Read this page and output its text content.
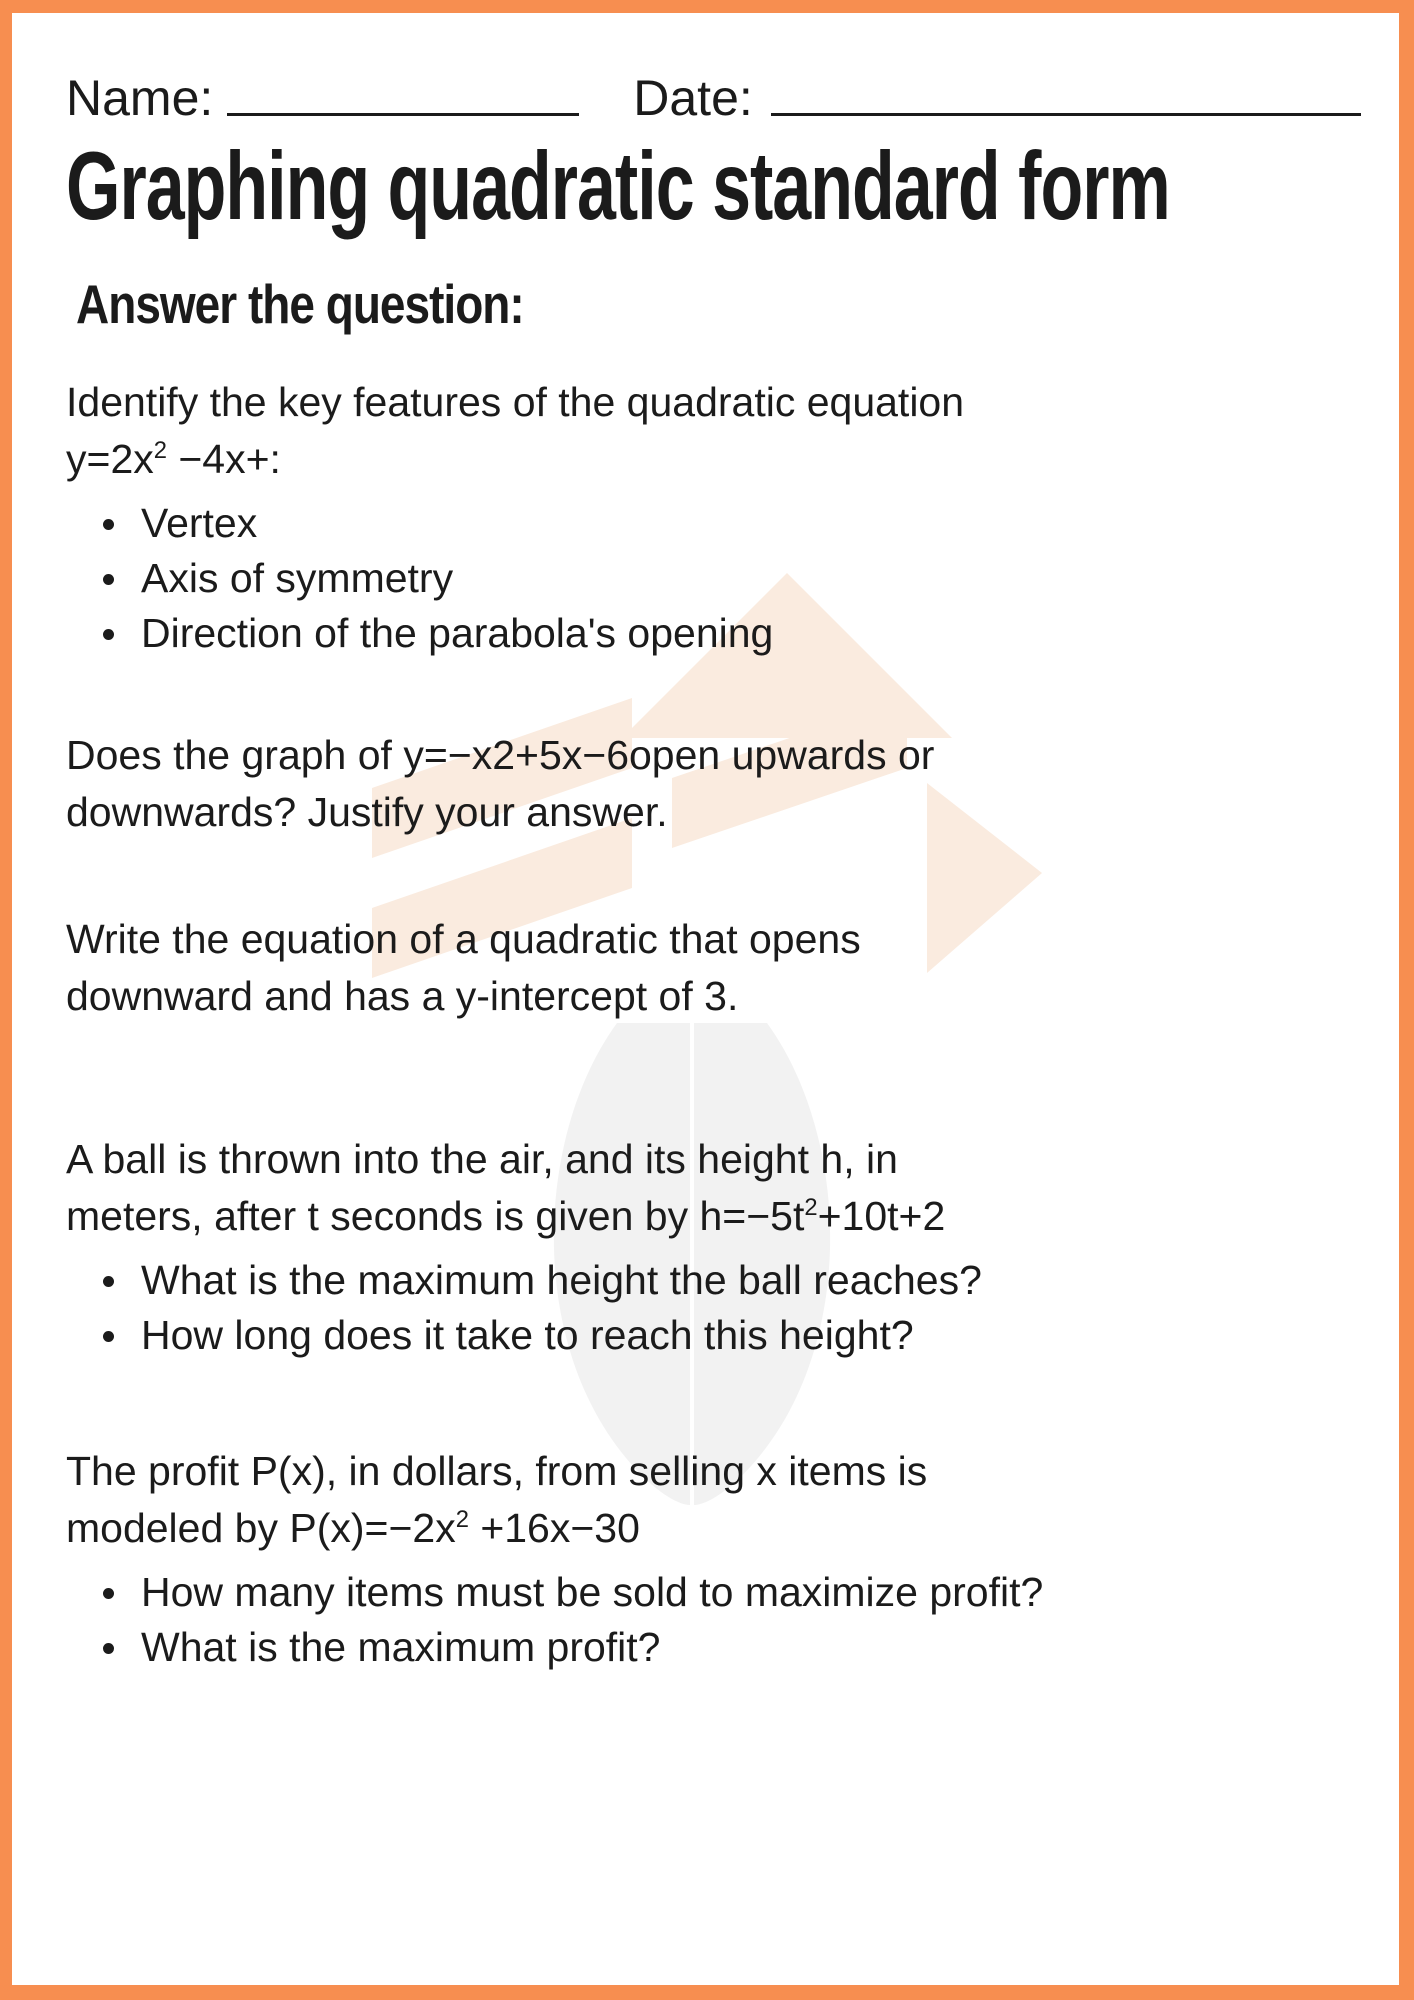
Name:	Date:
Graphing quadratic standard form
Answer the question:

Identify the key features of the quadratic equation

$y=2x^2 -4x+$:

Vertex
Axis of symmetry
Direction of the parabola's opening

Does the graph of y=−x2+5x−6open upwards or

downwards? Justify your answer.

Write the equation of a quadratic that opens

downward and has a y-intercept of 3.

A ball is thrown into the air, and its height h, in

meters, after t seconds is given by $h=-5t^2+10t+2$

What is the maximum height the ball reaches?
How long does it take to reach this height?

The profit P(x), in dollars, from selling x items is

modeled by $P(x)=-2x^2 +16x-30$

How many items must be sold to maximize profit?
What is the maximum profit?
